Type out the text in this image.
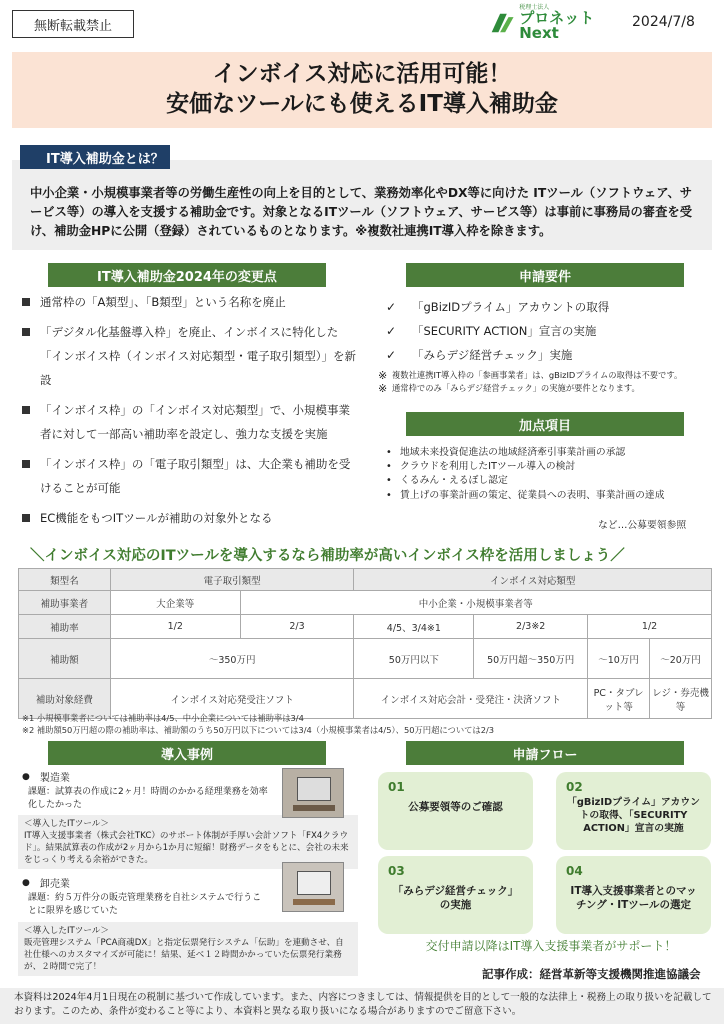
無断転載禁止
税理士法人
プロネット Next
2024/7/8
インボイス対応に活用可能！
安価なツールにも使えるIT導入補助金
中小企業・小規模事業者等の労働生産性の向上を目的として、業務効率化やDX等に向けた ITツール（ソフトウェア、サービス等）の導入を支援する補助金です。対象となるITツール（ソフトウェア、サービス等）は事前に事務局の審査を受け、補助金HPに公開（登録）されているものとなります。※複数社連携IT導入枠を除きます。
IT導入補助金とは？
IT導入補助金2024年の変更点
通常枠の「A類型」、「B類型」という名称を廃止
「デジタル化基盤導入枠」を廃止、インボイスに特化した「インボイス枠（インボイス対応類型・電子取引類型）」を新設
「インボイス枠」の「インボイス対応類型」で、小規模事業者に対して一部高い補助率を設定し、強力な支援を実施
「インボイス枠」の「電子取引類型」は、大企業も補助を受けることが可能
EC機能をもつITツールが補助の対象外となる
申請要件
✓	「gBizIDプライム」アカウントの取得
✓	「SECURITY ACTION」宣言の実施
✓	「みらデジ経営チェック」実施
※ 複数社連携IT導入枠の「参画事業者」は、gBizIDプライムの取得は不要です。
※ 通常枠でのみ「みらデジ経営チェック」の実施が要件となります。
加点項目
• 地域未来投資促進法の地域経済牽引事業計画の承認
• クラウドを利用したITツール導入の検討
• くるみん・えるぼし認定
• 賃上げの事業計画の策定、従業員への表明、事業計画の達成
など…公募要領参照
＼インボイス対応のITツールを導入するなら補助率が高いインボイス枠を活用しましょう／
類型名	電子取引類型		インボイス対応類型			
補助事業者	大企業等	中小企業・小規模事業者等				
補助率	1/2	2/3	4/5、3/4※1	2/3※2	1/2	
補助額	～350万円		50万円以下	50万円超～350万円	～10万円	～20万円
補助対象経費	インボイス対応発受注ソフト		インボイス対応会計・受発注・決済ソフト		PC・タブレット等	レジ・券売機等
※1 小規模事業者については補助率は4/5、中小企業については補助率は3/4
※2 補助額50万円超の際の補助率は、補助額のうち50万円以下については3/4（小規模事業者は4/5）、50万円超については2/3
導入事例
● 製造業
課題：試算表の作成に2ヶ月！時間のかかる経理業務を効率化したかった
＜導入したITツール＞
IT導入支援事業者（株式会社TKC）のサポート体制が手厚い会計ソフト「FX4クラウド」。結果試算表の作成が2ヶ月から1か月に短縮！財務データをもとに、会社の未来をじっくり考える余裕ができた。
● 卸売業
課題：約５万件分の販売管理業務を自社システムで行うことに限界を感じていた
＜導入したITツール＞
販売管理システム「PCA商魂DX」と指定伝票発行システム「伝助」を連動させ、自社仕様へのカスタマイズが可能に！結果、延べ１２時間かかっていた伝票発行業務が、２時間で完了！
申請フロー
01
公募要領等のご確認
02
「gBizIDプライム」アカウントの取得、「SECURITY ACTION」宣言の実施
03
「みらデジ経営チェック」の実施
04
IT導入支援事業者とのマッチング・ITツールの選定
交付申請以降はIT導入支援事業者がサポート！
記事作成：経営革新等支援機関推進協議会
本資料は2024年4月1日現在の税制に基づいて作成しています。また、内容につきましては、情報提供を目的として一般的な法律上・税務上の取り扱いを記載しております。このため、条件が変わること等により、本資料と異なる取り扱いになる場合がありますのでご留意下さい。
